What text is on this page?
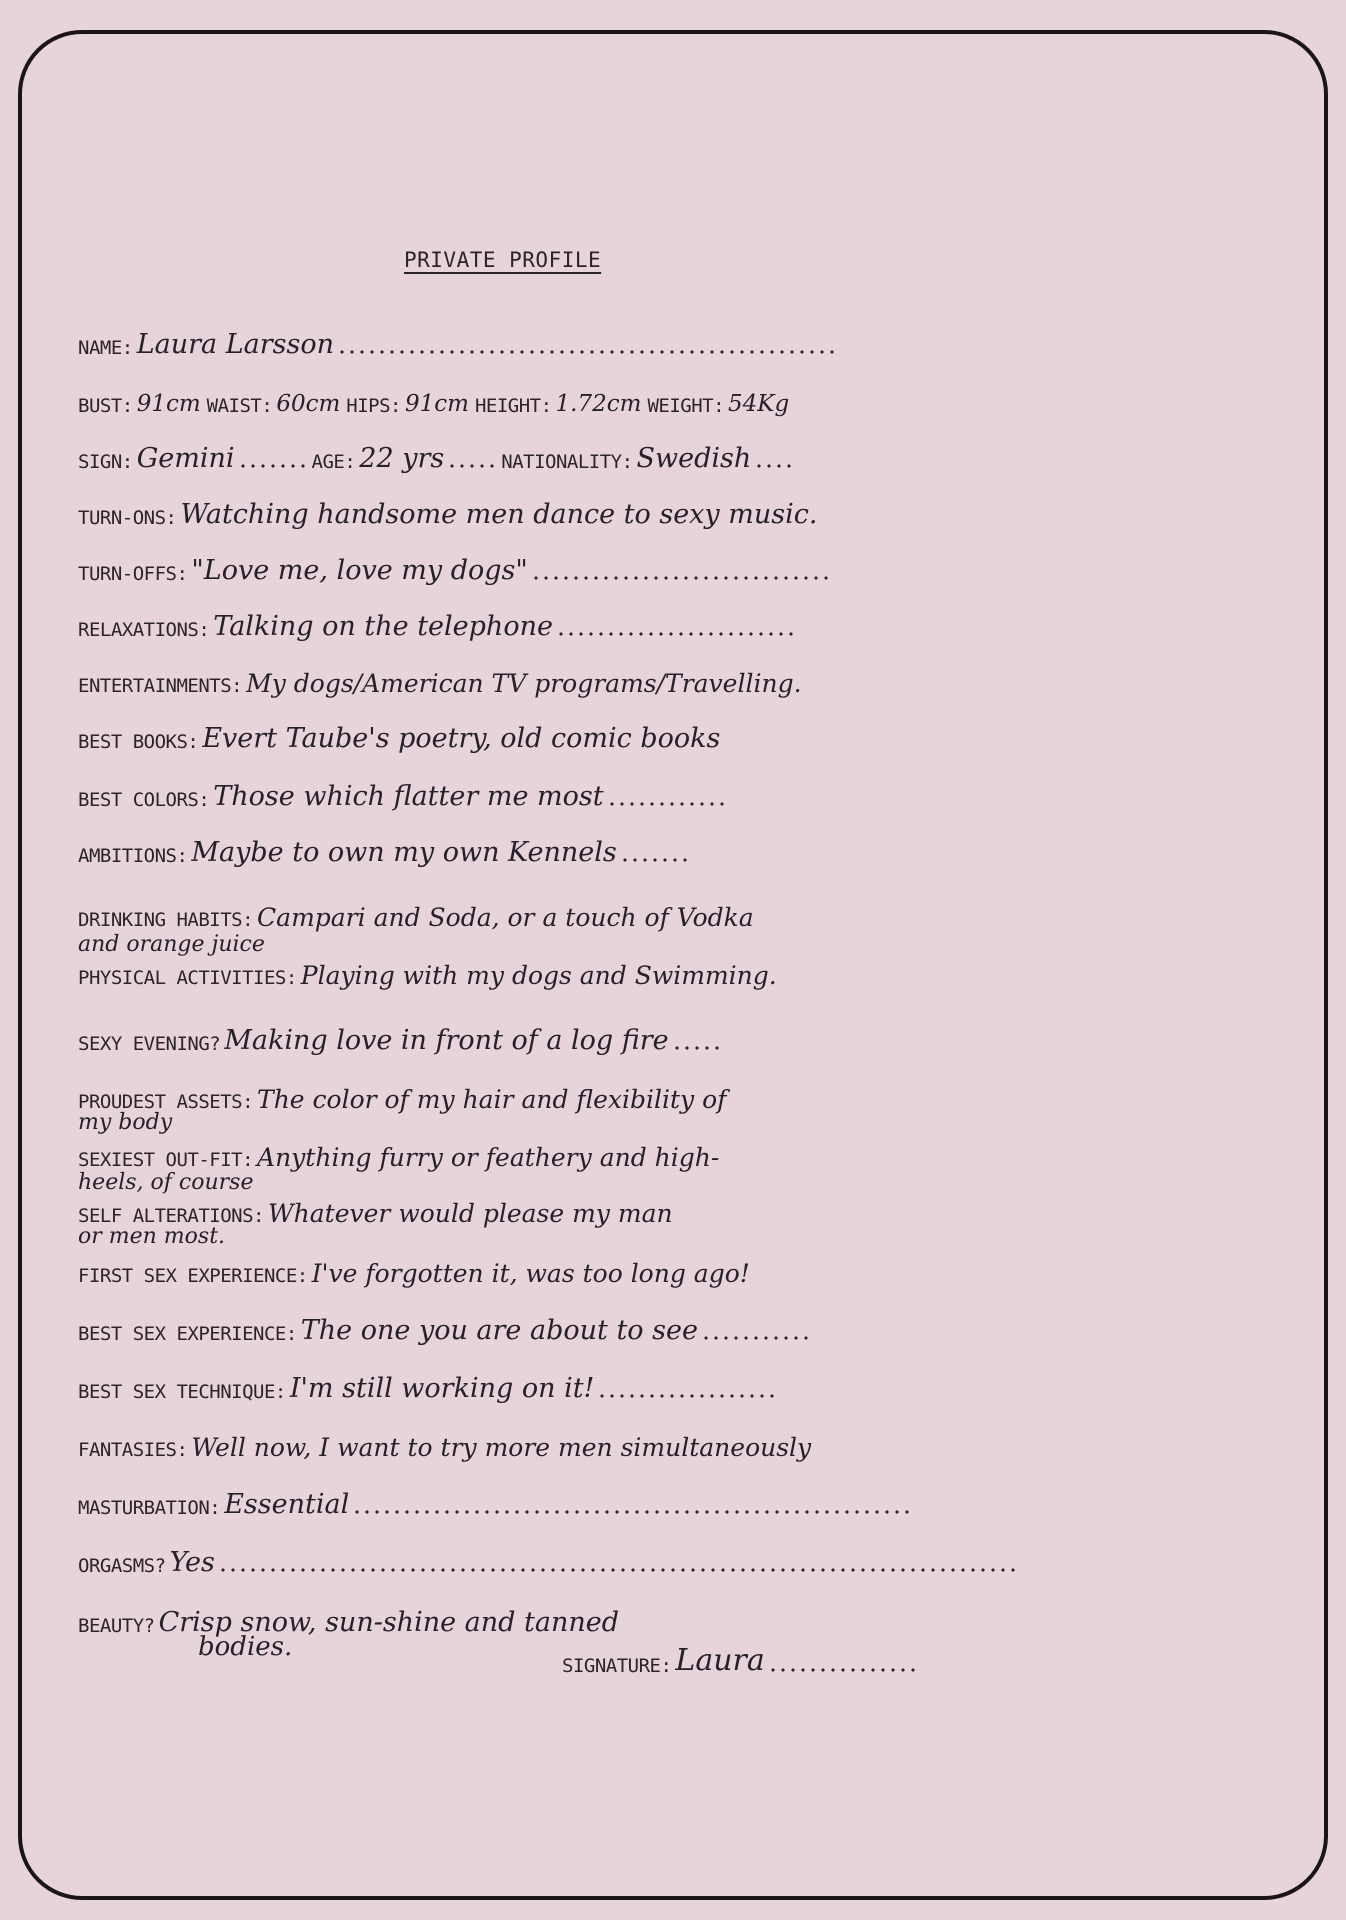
PRIVATE PROFILE
NAME: Laura Larsson
BUST: 91cm WAIST: 60cm HIPS: 91cm HEIGHT: 1.72cm WEIGHT: 54Kg
SIGN: Gemini	AGE: 22 yrs	NATIONALITY: Swedish
TURN-ONS: Watching handsome men dance to sexy music.
TURN-OFFS: "Love me, love my dogs"
RELAXATIONS: Talking on the telephone
ENTERTAINMENTS: My dogs/American TV programs/Travelling.
BEST BOOKS: Evert Taube's poetry, old comic books
BEST COLORS: Those which flatter me most
AMBITIONS: Maybe to own my own Kennels
DRINKING HABITS: Campari and Soda, or a touch of Vodka
and orange juice
PHYSICAL ACTIVITIES: Playing with my dogs and Swimming.
SEXY EVENING? Making love in front of a log fire
PROUDEST ASSETS: The color of my hair and flexibility of
my body
SEXIEST OUT-FIT: Anything furry or feathery and high-
heels, of course
SELF ALTERATIONS: Whatever would please my man
or men most.
FIRST SEX EXPERIENCE: I've forgotten it, was too long ago!
BEST SEX EXPERIENCE: The one you are about to see
BEST SEX TECHNIQUE: I'm still working on it!
FANTASIES: Well now, I want to try more men simultaneously
MASTURBATION: Essential
ORGASMS? Yes
BEAUTY? Crisp snow, sun-shine and tanned
bodies.
SIGNATURE: Laura
